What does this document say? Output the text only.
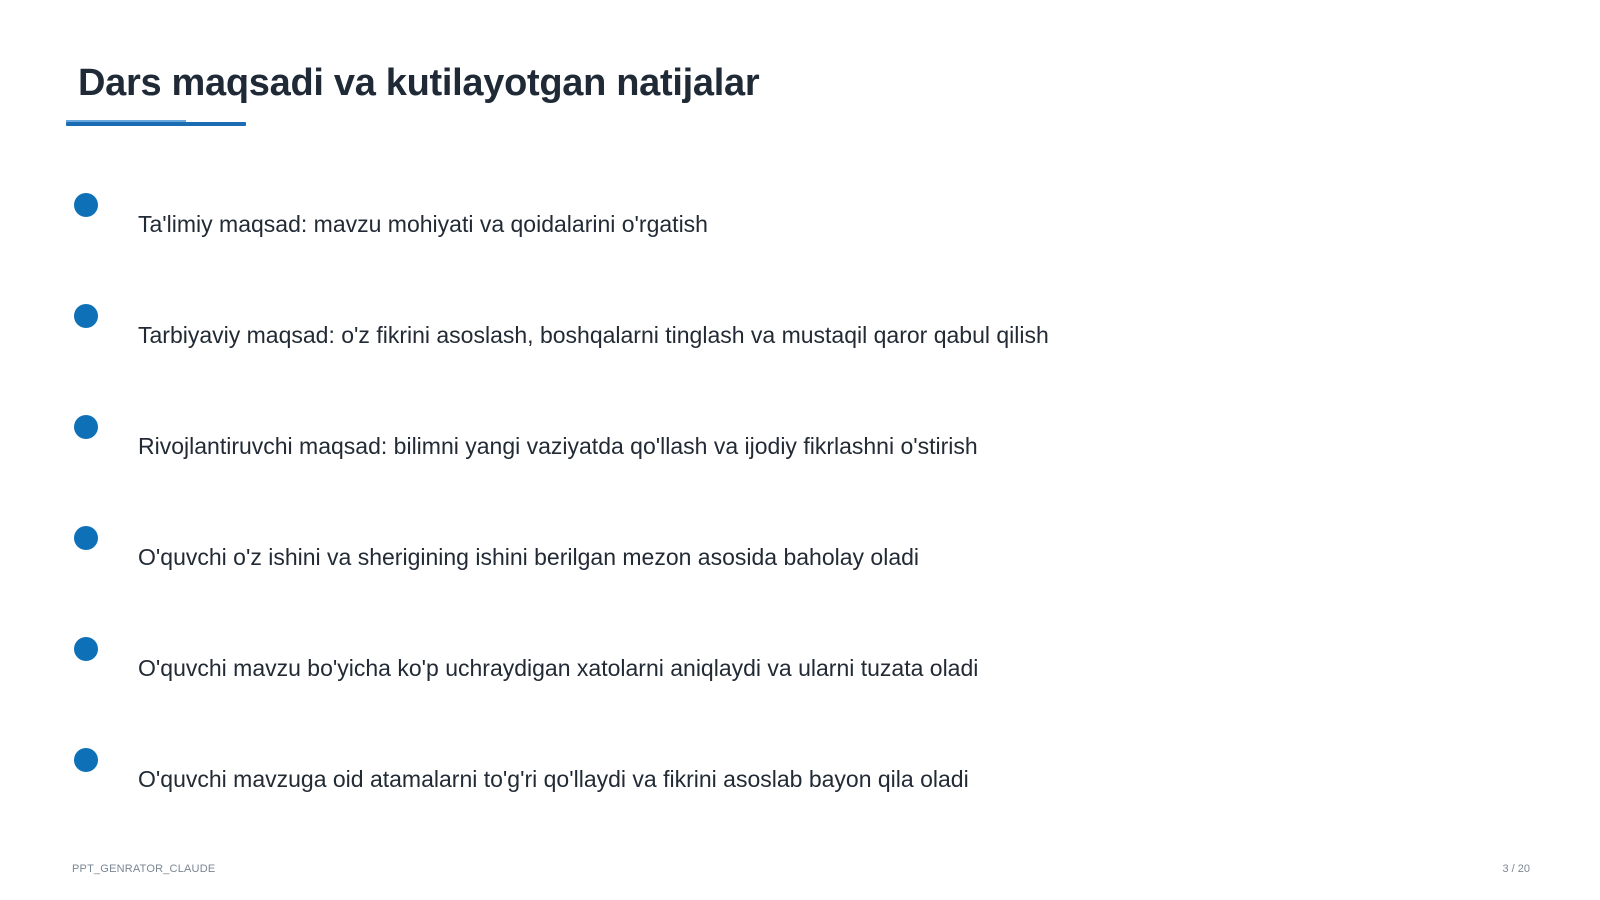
Dars maqsadi va kutilayotgan natijalar
Ta'limiy maqsad: mavzu mohiyati va qoidalarini o'rgatish
Tarbiyaviy maqsad: o'z fikrini asoslash, boshqalarni tinglash va mustaqil qaror qabul qilish
Rivojlantiruvchi maqsad: bilimni yangi vaziyatda qo'llash va ijodiy fikrlashni o'stirish
O'quvchi o'z ishini va sherigining ishini berilgan mezon asosida baholay oladi
O'quvchi mavzu bo'yicha ko'p uchraydigan xatolarni aniqlaydi va ularni tuzata oladi
O'quvchi mavzuga oid atamalarni to'g'ri qo'llaydi va fikrini asoslab bayon qila oladi
PPT_GENRATOR_CLAUDE	3 / 20
